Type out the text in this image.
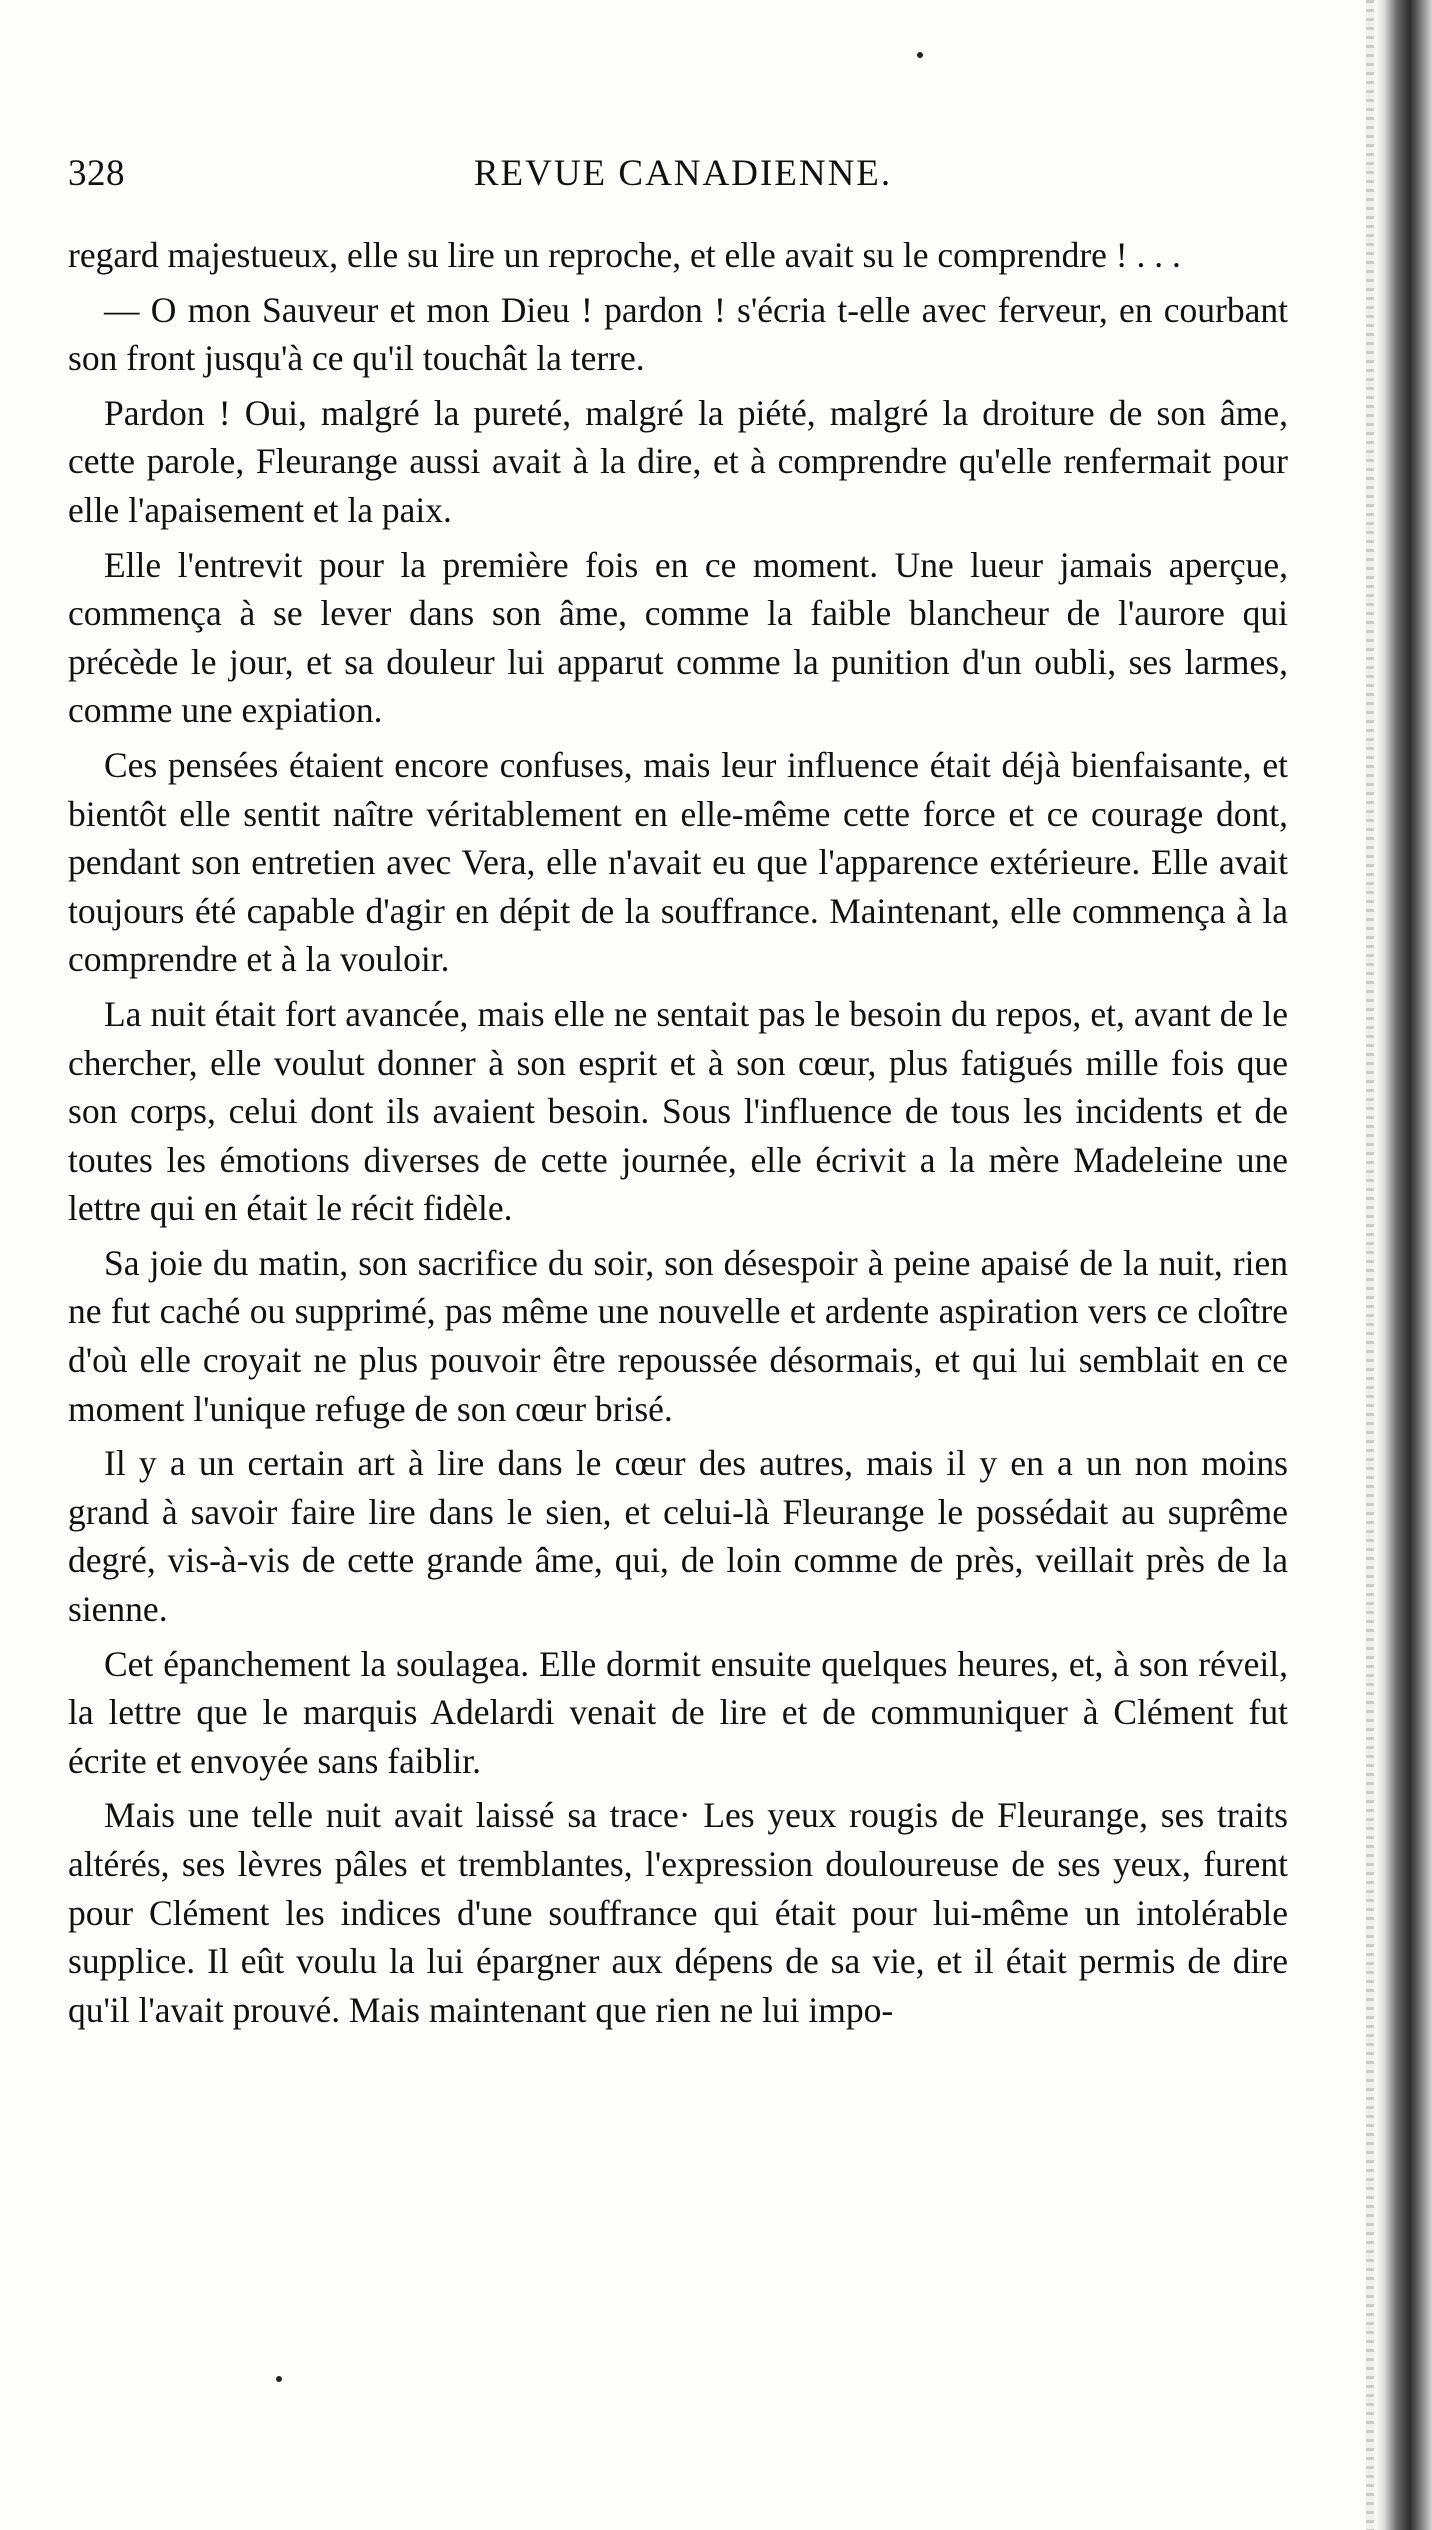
328	REVUE CANADIENNE.

regard majestueux, elle su lire un reproche, et elle avait su le comprendre ! . . .

— O mon Sauveur et mon Dieu ! pardon ! s'écria t-elle avec ferveur, en courbant son front jusqu'à ce qu'il touchât la terre.

Pardon ! Oui, malgré la pureté, malgré la piété, malgré la droiture de son âme, cette parole, Fleurange aussi avait à la dire, et à comprendre qu'elle renfermait pour elle l'apaisement et la paix.

Elle l'entrevit pour la première fois en ce moment. Une lueur jamais aperçue, commença à se lever dans son âme, comme la faible blancheur de l'aurore qui précède le jour, et sa douleur lui apparut comme la punition d'un oubli, ses larmes, comme une expiation.

Ces pensées étaient encore confuses, mais leur influence était déjà bienfaisante, et bientôt elle sentit naître véritablement en elle-même cette force et ce courage dont, pendant son entretien avec Vera, elle n'avait eu que l'apparence extérieure. Elle avait toujours été capable d'agir en dépit de la souffrance. Maintenant, elle commença à la comprendre et à la vouloir.

La nuit était fort avancée, mais elle ne sentait pas le besoin du repos, et, avant de le chercher, elle voulut donner à son esprit et à son cœur, plus fatigués mille fois que son corps, celui dont ils avaient besoin. Sous l'influence de tous les incidents et de toutes les émotions diverses de cette journée, elle écrivit a la mère Madeleine une lettre qui en était le récit fidèle.

Sa joie du matin, son sacrifice du soir, son désespoir à peine apaisé de la nuit, rien ne fut caché ou supprimé, pas même une nouvelle et ardente aspiration vers ce cloître d'où elle croyait ne plus pouvoir être repoussée désormais, et qui lui semblait en ce moment l'unique refuge de son cœur brisé.

Il y a un certain art à lire dans le cœur des autres, mais il y en a un non moins grand à savoir faire lire dans le sien, et celui-là Fleurange le possédait au suprême degré, vis-à-vis de cette grande âme, qui, de loin comme de près, veillait près de la sienne.

Cet épanchement la soulagea. Elle dormit ensuite quelques heures, et, à son réveil, la lettre que le marquis Adelardi venait de lire et de communiquer à Clément fut écrite et envoyée sans faiblir.

Mais une telle nuit avait laissé sa trace· Les yeux rougis de Fleurange, ses traits altérés, ses lèvres pâles et tremblantes, l'expression douloureuse de ses yeux, furent pour Clément les indices d'une souffrance qui était pour lui-même un intolérable supplice. Il eût voulu la lui épargner aux dépens de sa vie, et il était permis de dire qu'il l'avait prouvé. Mais maintenant que rien ne lui impo-
